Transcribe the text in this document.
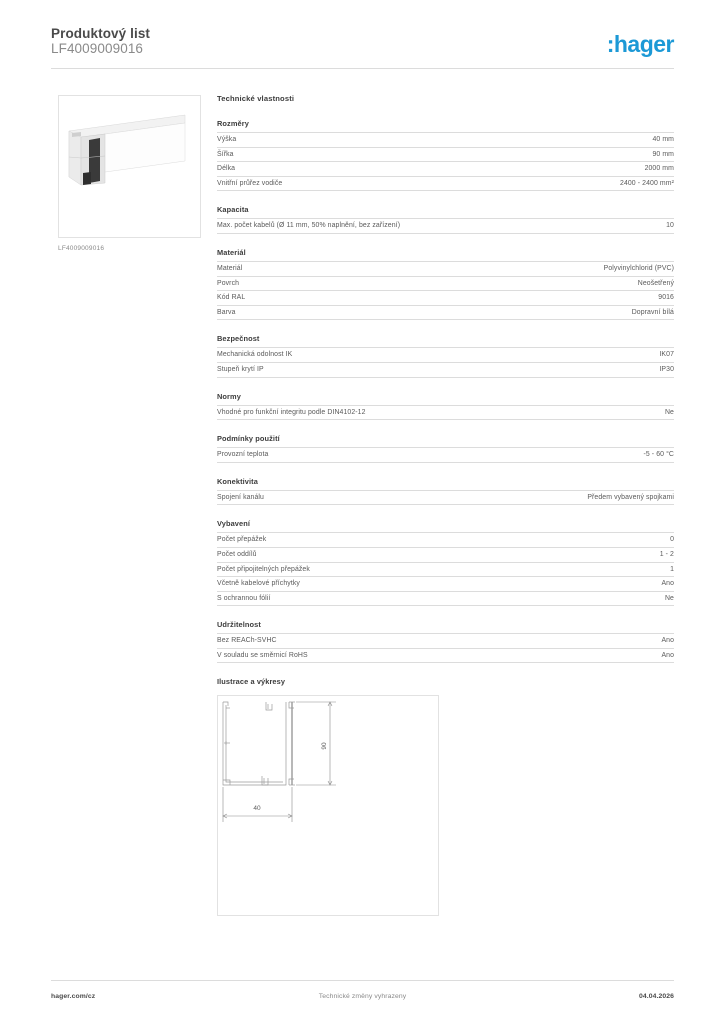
Produktový list
LF4009009016	:hager
LF4009009016
Technické vlastnosti
Rozměry
Výška	40 mm
Šířka	90 mm
Délka	2000 mm
Vnitřní průřez vodiče	2400 - 2400 mm²
Kapacita
Max. počet kabelů (Ø 11 mm, 50% naplnění, bez zařízení)	10
Materiál
Materiál	Polyvinylchlorid (PVC)
Povrch	Neošetřený
Kód RAL	9016
Barva	Dopravní bílá
Bezpečnost
Mechanická odolnost IK	IK07
Stupeň krytí IP	IP30
Normy
Vhodné pro funkční integritu podle DIN4102-12	Ne
Podmínky použití
Provozní teplota	-5 - 60 °C
Konektivita
Spojení kanálu	Předem vybavený spojkami
Vybavení
Počet přepážek	0
Počet oddílů	1 - 2
Počet připojitelných přepážek	1
Včetně kabelové příchytky	Ano
S ochrannou fólií	Ne
Udržitelnost
Bez REACh-SVHC	Ano
V souladu se směrnicí RoHS	Ano
Ilustrace a výkresy
90
40
hager.com/cz	Technické změny vyhrazeny	04.04.2026
